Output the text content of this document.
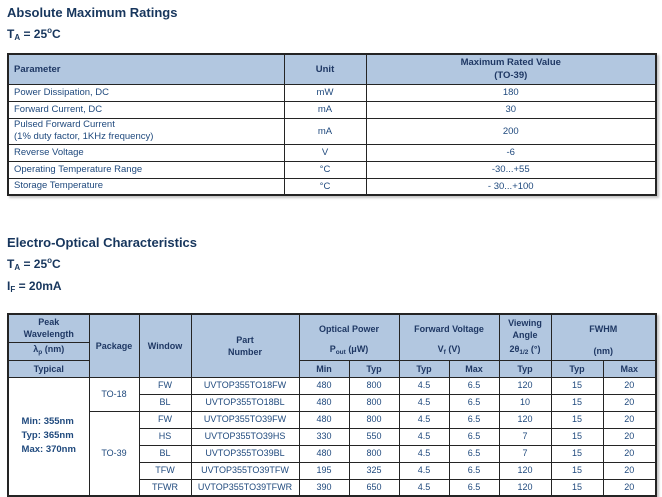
Absolute Maximum Ratings
$T_A = 25^oC$
Parameter	Unit	Maximum Rated Value
(TO-39)

Power Dissipation, DC	mW	180

Forward Current, DC	mA	30

Pulsed Forward Current
(1% duty factor, 1KHz frequency)	mA	200

Reverse Voltage	V	-6

Operating Temperature Range	°C	-30...+55

Storage Temperature	°C	- 30...+100
Electro-Optical Characteristics
$T_A = 25^oC$
$I_F = 20mA$
Peak
Wavelength
	Package	Window	
Part
Number

Optical Power
$P_{out}$ (μW)

Forward Voltage
$V_f$ (V)

Viewing
Angle
$2\theta_{1/2}$ (°)

FWHM
(nm)

$\lambda_p$ (nm)										
Typical				Min	Typ	Typ	Max	Typ	Typ	Max

Min: 355nm
Typ: 365nm
Max: 370nm	TO-18	FW	UVTOP355TO18FW	480	800	4.5	6.5	120	15	20
		BL	UVTOP355TO18BL	480	800	4.5	6.5	10	15	20
	TO-39	FW	UVTOP355TO39FW	480	800	4.5	6.5	120	15	20
		HS	UVTOP355TO39HS	330	550	4.5	6.5	7	15	20
		BL	UVTOP355TO39BL	480	800	4.5	6.5	7	15	20
		TFW	UVTOP355TO39TFW	195	325	4.5	6.5	120	15	20
		TFWR	UVTOP355TO39TFWR	390	650	4.5	6.5	120	15	20
